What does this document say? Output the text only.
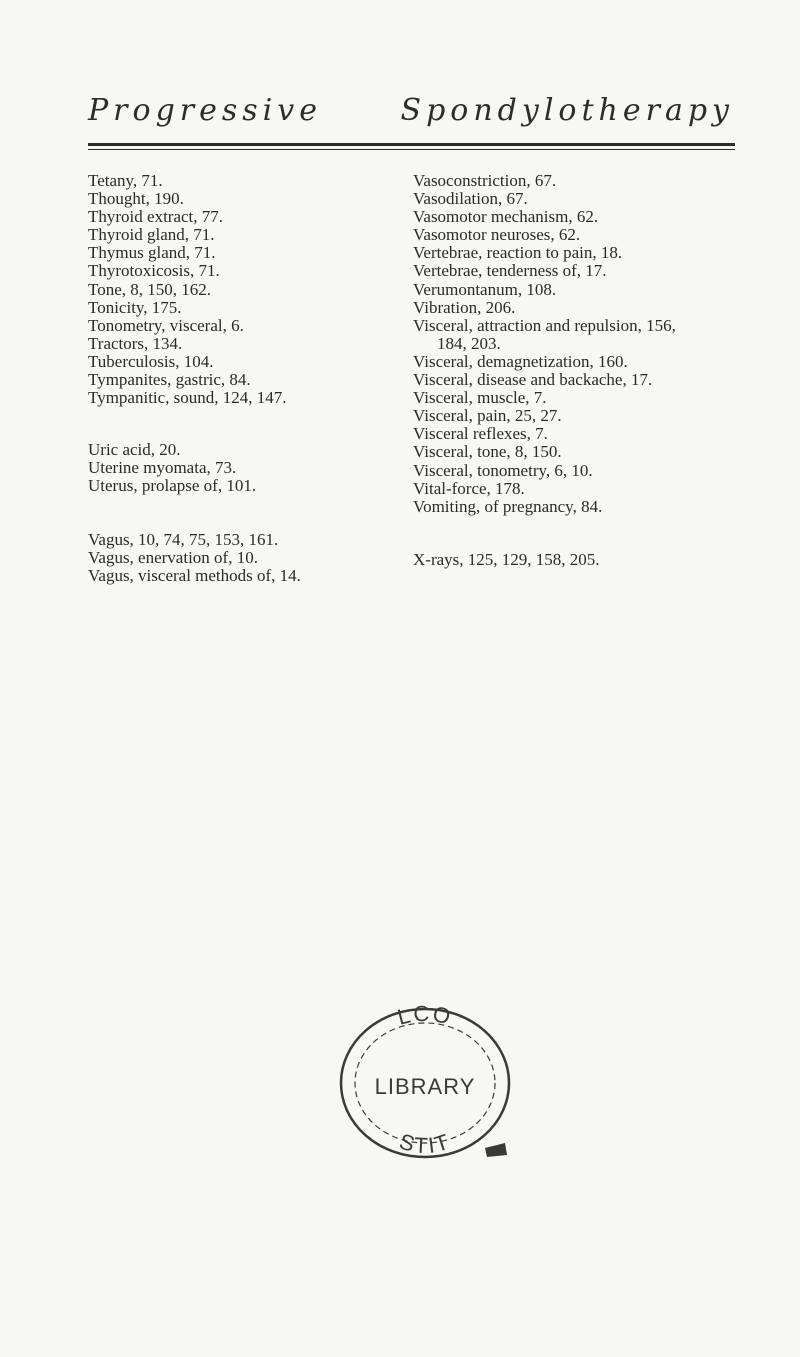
Progressive	Spondylotherapy
Tetany, 71.
Thought, 190.
Thyroid extract, 77.
Thyroid gland, 71.
Thymus gland, 71.
Thyrotoxicosis, 71.
Tone, 8, 150, 162.
Tonicity, 175.
Tonometry, visceral, 6.
Tractors, 134.
Tuberculosis, 104.
Tympanites, gastric, 84.
Tympanitic, sound, 124, 147.
Uric acid, 20.
Uterine myomata, 73.
Uterus, prolapse of, 101.
Vagus, 10, 74, 75, 153, 161.
Vagus, enervation of, 10.
Vagus, visceral methods of, 14.
Vasoconstriction, 67.
Vasodilation, 67.
Vasomotor mechanism, 62.
Vasomotor neuroses, 62.
Vertebrae, reaction to pain, 18.
Vertebrae, tenderness of, 17.
Verumontanum, 108.
Vibration, 206.
Visceral, attraction and repulsion, 156,
184, 203.
Visceral, demagnetization, 160.
Visceral, disease and backache, 17.
Visceral, muscle, 7.
Visceral, pain, 25, 27.
Visceral reflexes, 7.
Visceral, tone, 8, 150.
Visceral, tonometry, 6, 10.
Vital-force, 178.
Vomiting, of pregnancy, 84.
X-rays, 125, 129, 158, 205.
LCO
LIBRARY
STIT
